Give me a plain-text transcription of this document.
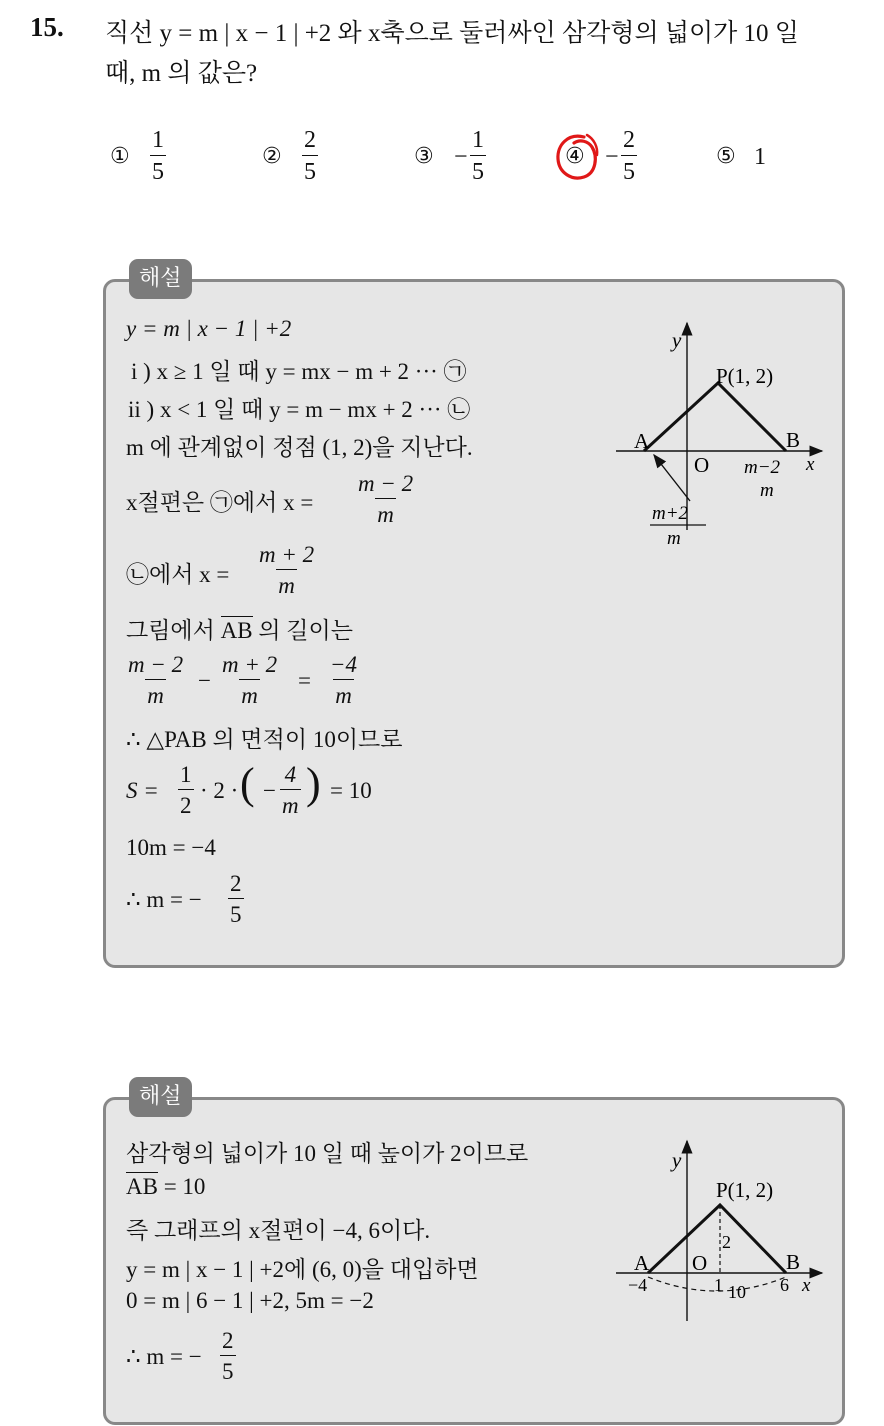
15. 직선 y = m | x − 1 | +2 와 x축으로 둘러싸인 삼각형의 넓이가 10 일
때, m 의 값은?
① $\frac{1}{5}$	② $\frac{2}{5}$	③ − $\frac{1}{5}$	④ − $\frac{2}{5}$	⑤ 1
해설
y = m | x − 1 | +2
i ) x ≥ 1 일 때 y = mx − m + 2 ··· ㉠
ii ) x < 1 일 때 y = m − mx + 2 ··· ㉡
m 에 관계없이 정점 (1, 2)을 지난다.
x절편은 ㉠에서 $x = \frac{m - 2}{m}$
㉡에서 $x = \frac{m + 2}{m}$
그림에서 AB 의 길이는
$\frac{m - 2}{m} - \frac{m + 2}{m} = \frac{-4}{m}$
∴ △PAB 의 면적이 10이므로
$S = \frac{1}{2} \cdot 2$ · ( − $\frac{4}{m}$ ) = 10
10m = −4
∴ m = − $\frac{2}{5}$
y
x
P(1, 2)
A	B
O m−2
m
m+2
m
해설
삼각형의 넓이가 10 일 때 높이가 2이므로
AB = 10
즉 그래프의 x절편이 −4, 6이다.
y = m | x − 1 | +2에 (6, 0)을 대입하면
0 = m | 6 − 1 | +2, 5m = −2
∴ m = − $\frac{2}{5}$
y
x
P(1, 2)
A	B
O
2
−4	1 10 6
